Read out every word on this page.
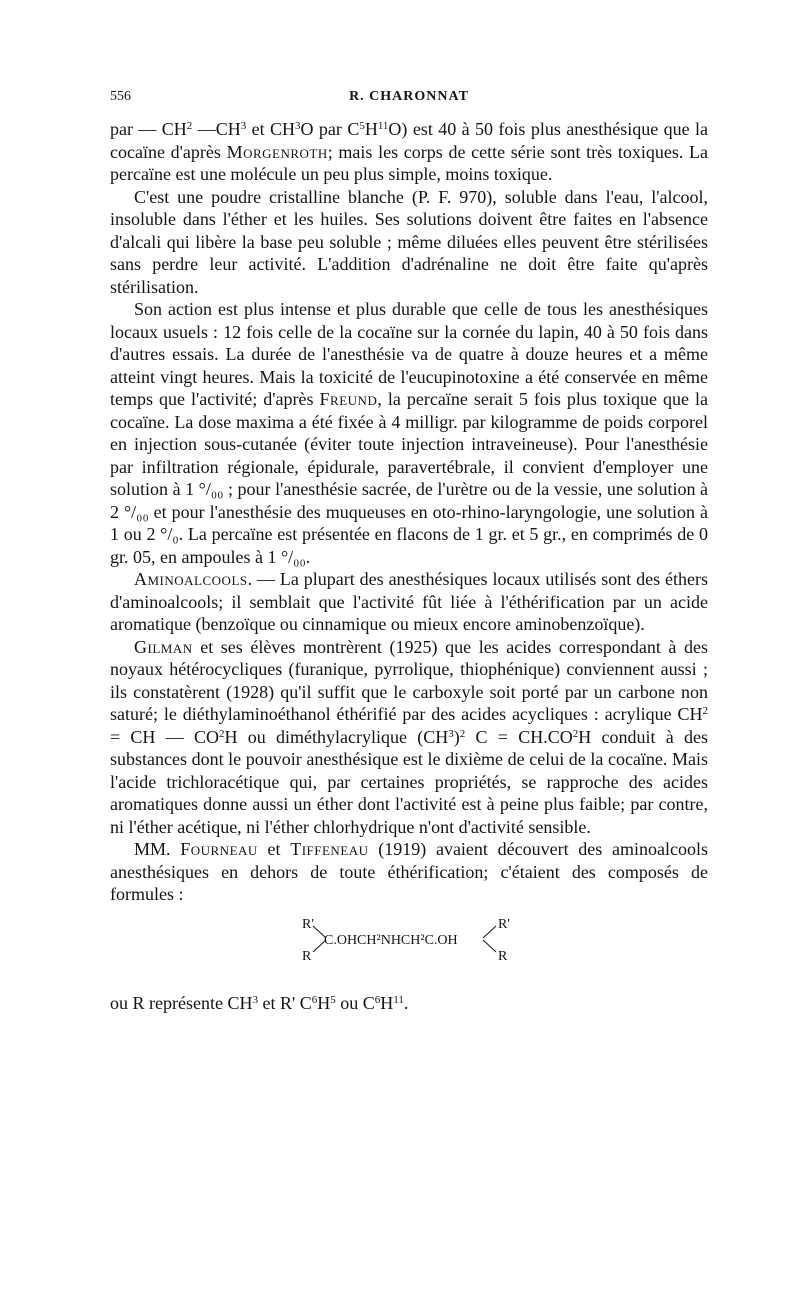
556	R. CHARONNAT

par — $CH^2$ $—CH^3$ et $CH^3O$ par $C^5H^{11}O$) est 40 à 50 fois plus anesthésique que la cocaïne d'après Morgenroth; mais les corps de cette série sont très toxiques. La percaïne est une molécule un peu plus simple, moins toxique.

C'est une poudre cristalline blanche (P. F. 970), soluble dans l'eau, l'alcool, insoluble dans l'éther et les huiles. Ses solutions doivent être faites en l'absence d'alcali qui libère la base peu soluble ; même diluées elles peuvent être stérilisées sans perdre leur activité. L'addition d'adrénaline ne doit être faite qu'après stérilisation.

Son action est plus intense et plus durable que celle de tous les anesthésiques locaux usuels : 12 fois celle de la cocaïne sur la cornée du lapin, 40 à 50 fois dans d'autres essais. La durée de l'anesthésie va de quatre à douze heures et a même atteint vingt heures. Mais la toxicité de l'eucupinotoxine a été conservée en même temps que l'activité; d'après Freund, la percaïne serait 5 fois plus toxique que la cocaïne. La dose maxima a été fixée à 4 milligr. par kilogramme de poids corporel en injection sous-cutanée (éviter toute injection intraveineuse). Pour l'anesthésie par infiltration régionale, épidurale, paravertébrale, il convient d'employer une solution à 1 °/₀₀ ; pour l'anesthésie sacrée, de l'urètre ou de la vessie, une solution à 2 °/₀₀ et pour l'anesthésie des muqueuses en oto-rhino-laryngologie, une solution à 1 ou 2 °/₀. La percaïne est présentée en flacons de 1 gr. et 5 gr., en comprimés de 0 gr. 05, en ampoules à 1 °/₀₀.

Aminoalcools. — La plupart des anesthésiques locaux utilisés sont des éthers d'aminoalcools; il semblait que l'activité fût liée à l'éthérification par un acide aromatique (benzoïque ou cinnamique ou mieux encore aminobenzoïque).

Gilman et ses élèves montrèrent (1925) que les acides correspondant à des noyaux hétérocycliques (furanique, pyrrolique, thiophénique) conviennent aussi ; ils constatèrent (1928) qu'il suffit que le carboxyle soit porté par un carbone non saturé; le diéthylaminoéthanol éthérifié par des acides acycliques : acrylique $CH^2$ = CH — $CO^2H$ ou diméthylacrylique $(CH^3)^2$ $C = CH.CO^2H$ conduit à des substances dont le pouvoir anesthésique est le dixième de celui de la cocaïne. Mais l'acide trichloracétique qui, par certaines propriétés, se rapproche des acides aromatiques donne aussi un éther dont l'activité est à peine plus faible; par contre, ni l'éther acétique, ni l'éther chlorhydrique n'ont d'activité sensible.

MM. Fourneau et Tiffeneau (1919) avaient découvert des aminoalcools anesthésiques en dehors de toute éthérification; c'étaient des composés de formules :

R'
R
C.OHCH²NHCH²C.OH
R'
R

ou R représente $CH^3$ et R' $C^6H^5$ ou $C^6H^{11}$.
